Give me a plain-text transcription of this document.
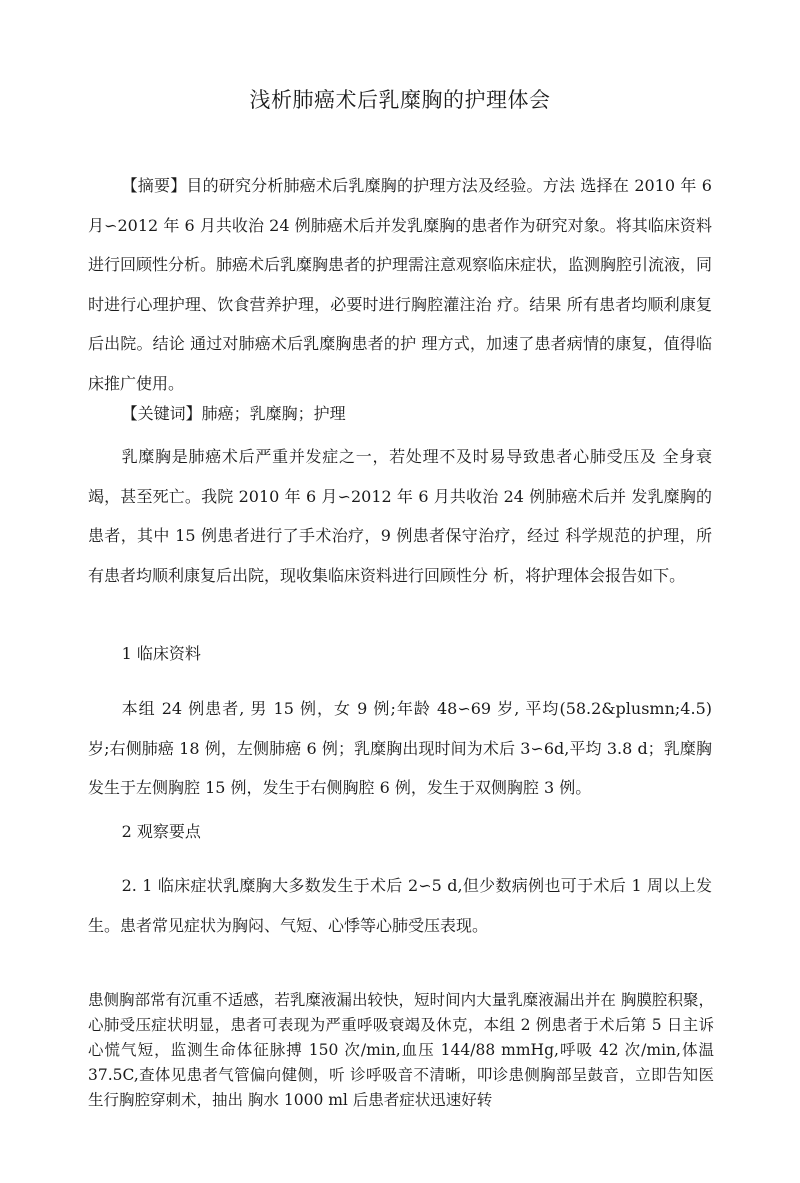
浅析肺癌术后乳糜胸的护理体会
【摘要】目的研究分析肺癌术后乳糜胸的护理方法及经验。方法 选择在 2010 年 6 月∽2012 年 6 月共收治 24 例肺癌术后并发乳糜胸的患者作为研究对象。将其临床资料进行回顾性分析。肺癌术后乳糜胸患者的护理需注意观察临床症状，监测胸腔引流液，同时进行心理护理、饮食营养护理，必要时进行胸腔灌注治 疗。结果 所有患者均顺利康复后出院。结论 通过对肺癌术后乳糜胸患者的护 理方式，加速了患者病情的康复，值得临床推广使用。
【关键词】肺癌；乳糜胸；护理
乳糜胸是肺癌术后严重并发症之一，若处理不及时易导致患者心肺受压及 全身衰竭，甚至死亡。我院 2010 年 6 月∽2012 年 6 月共收治 24 例肺癌术后并 发乳糜胸的患者，其中 15 例患者进行了手术治疗，9 例患者保守治疗，经过 科学规范的护理，所有患者均顺利康复后出院，现收集临床资料进行回顾性分 析，将护理体会报告如下。
1 临床资料
本组 24 例患者, 男 15 例，女 9 例;年龄 48∽69 岁, 平均(58.2&plusmn;4.5) 岁;右侧肺癌 18 例，左侧肺癌 6 例；乳糜胸出现时间为术后 3∽6d,平均 3.8 d；乳糜胸发生于左侧胸腔 15 例，发生于右侧胸腔 6 例，发生于双侧胸腔 3 例。
2 观察要点
2. 1 临床症状乳糜胸大多数发生于术后 2∽5 d,但少数病例也可于术后 1 周以上发生。患者常见症状为胸闷、气短、心悸等心肺受压表现。
患侧胸部常有沉重不适感，若乳糜液漏出较快，短时间内大量乳糜液漏出并在 胸膜腔积聚，心肺受压症状明显，患者可表现为严重呼吸衰竭及休克，本组 2 例患者于术后第 5 日主诉心慌气短，监测生命体征脉搏 150 次/min,血压 144/88 mmHg,呼吸 42 次/min,体温 37.5C,查体见患者气管偏向健侧，听 诊呼吸音不清晰，叩诊患侧胸部呈鼓音，立即告知医生行胸腔穿刺术，抽出 胸水 1000 ml 后患者症状迅速好转
